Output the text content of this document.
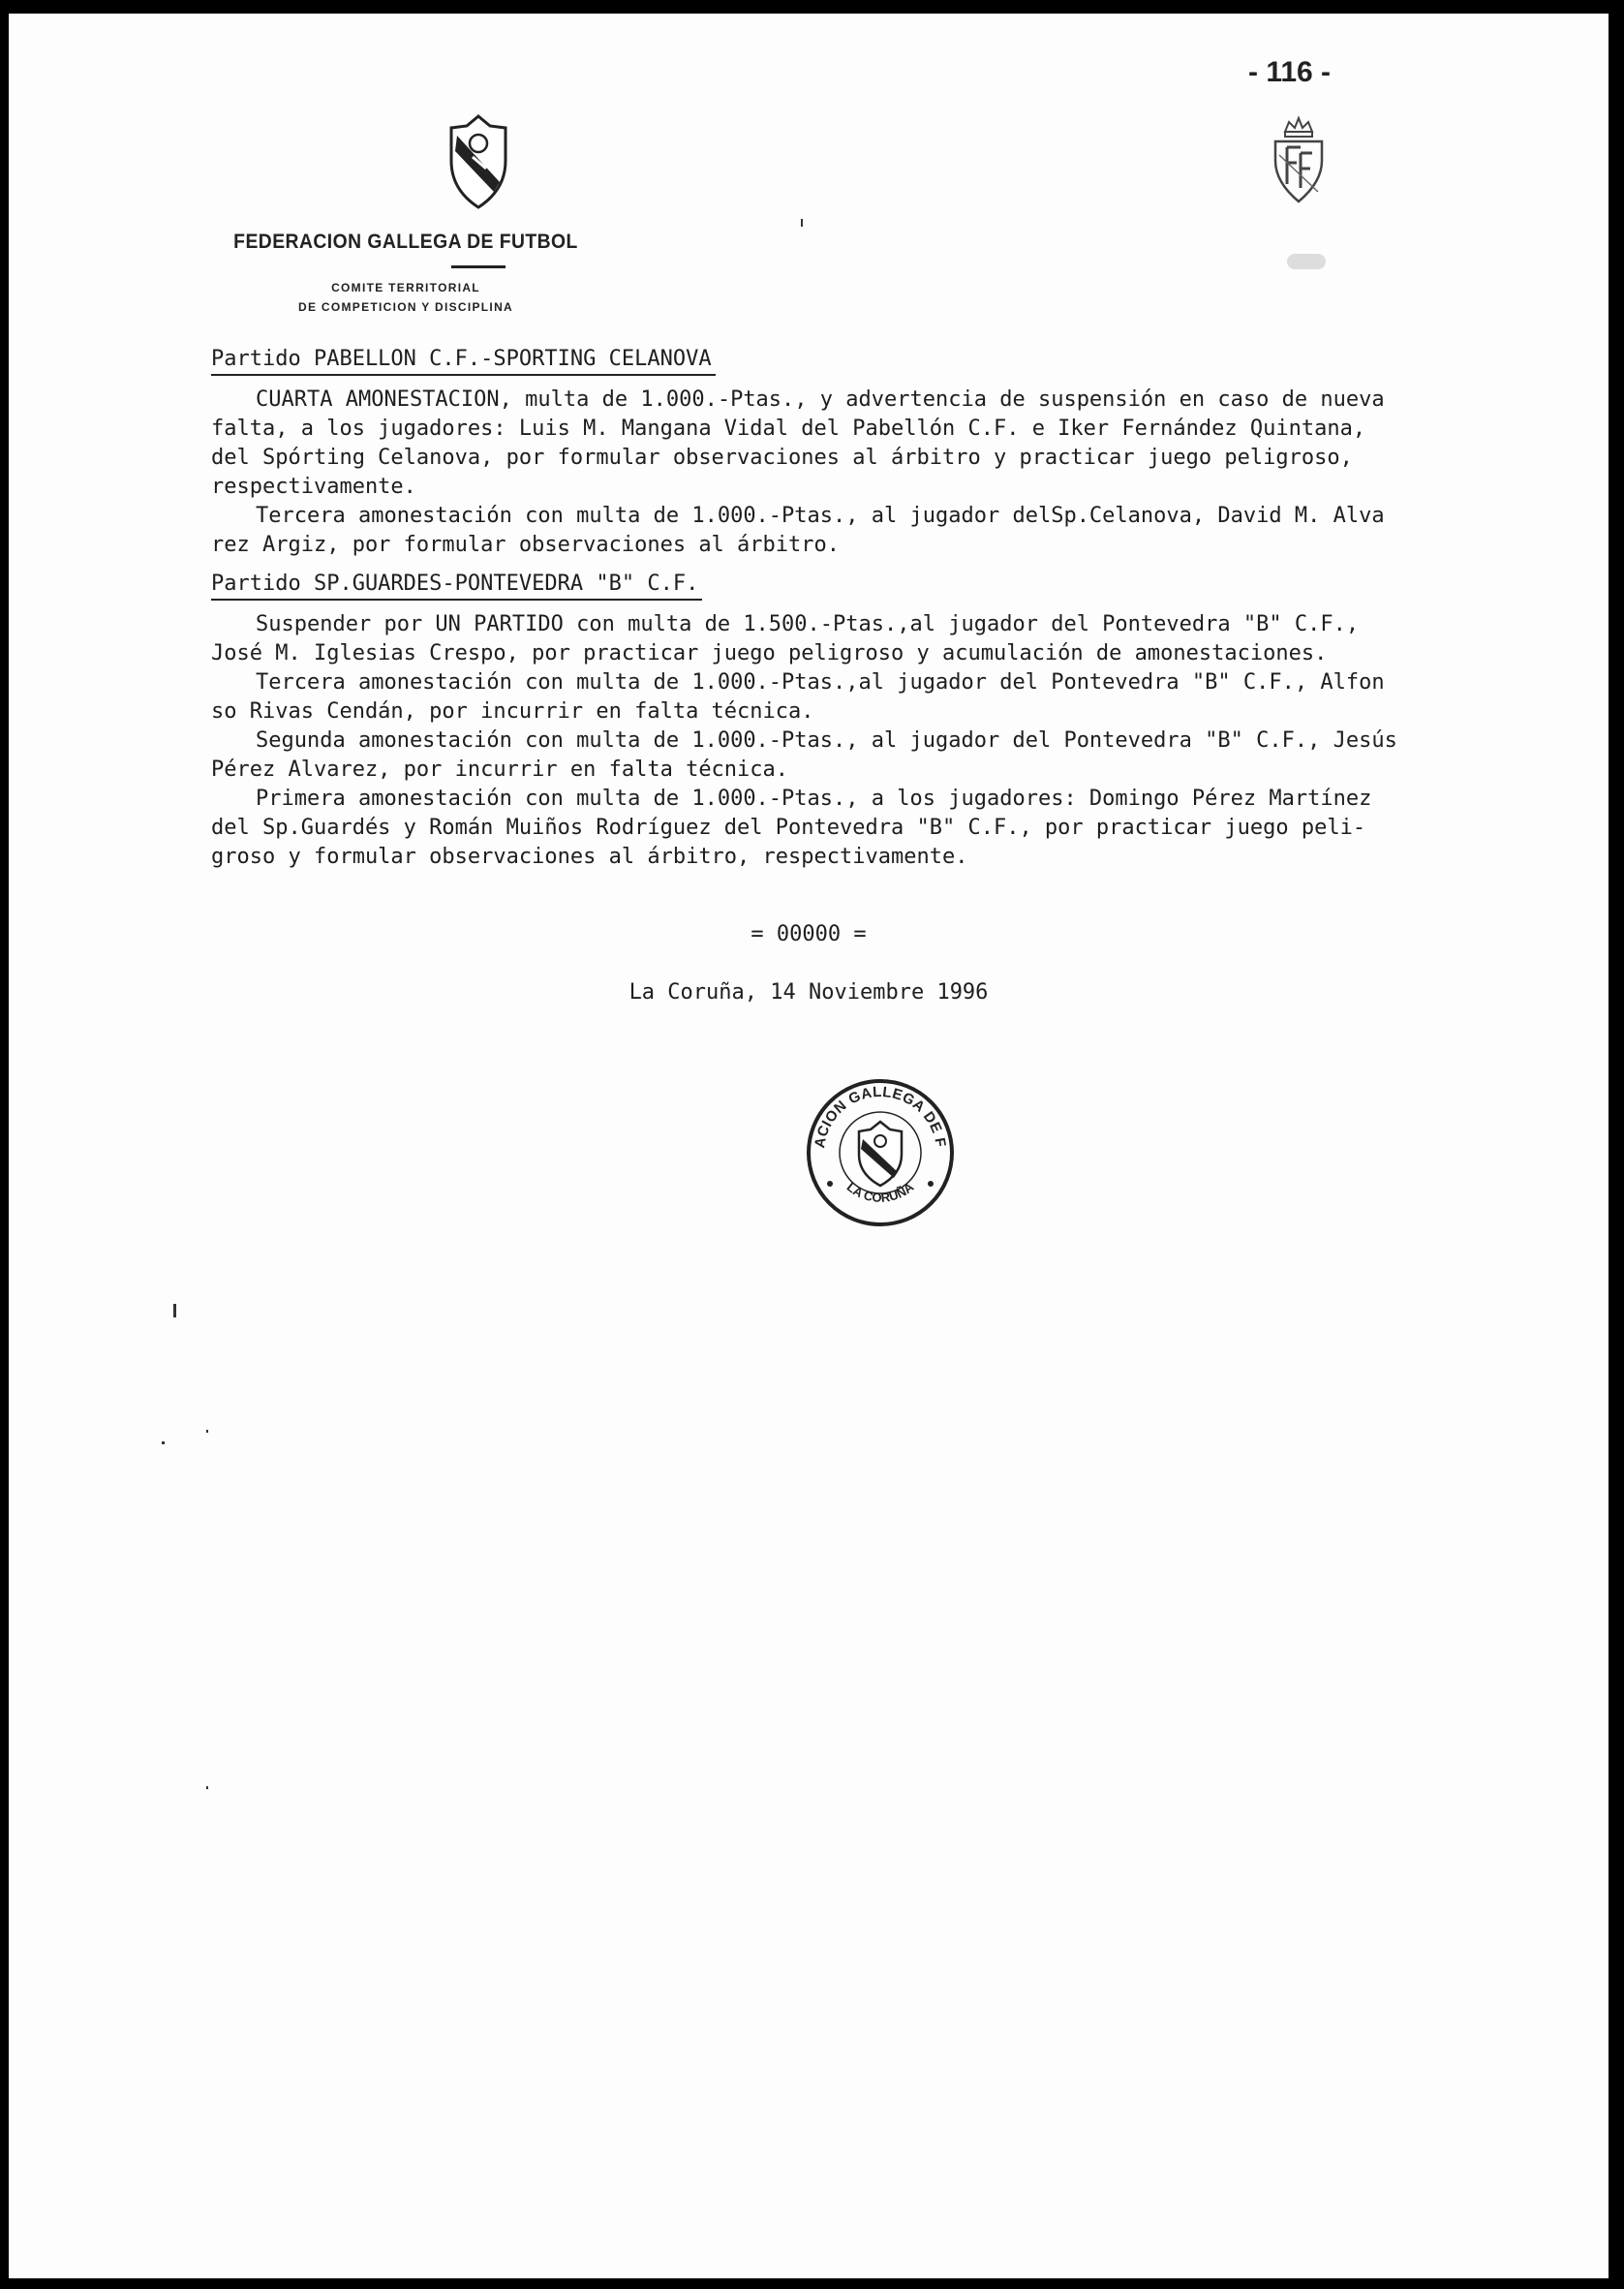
- 116 -
FEDERACION GALLEGA DE FUTBOL
COMITE TERRITORIAL
DE COMPETICION Y DISCIPLINA
Partido PABELLON C.F.-SPORTING CELANOVA
CUARTA AMONESTACION, multa de 1.000.-Ptas., y advertencia de suspensión en caso de nueva
falta, a los jugadores: Luis M. Mangana Vidal del Pabellón C.F. e Iker Fernández Quintana,
del Spórting Celanova, por formular observaciones al árbitro y practicar juego peligroso,
respectivamente.
Tercera amonestación con multa de 1.000.-Ptas., al jugador delSp.Celanova, David M. Alva
rez Argiz, por formular observaciones al árbitro.
Partido SP.GUARDES-PONTEVEDRA "B" C.F.
Suspender por UN PARTIDO con multa de 1.500.-Ptas.,al jugador del Pontevedra "B" C.F.,
José M. Iglesias Crespo, por practicar juego peligroso y acumulación de amonestaciones.
Tercera amonestación con multa de 1.000.-Ptas.,al jugador del Pontevedra "B" C.F., Alfon
so Rivas Cendán, por incurrir en falta técnica.
Segunda amonestación con multa de 1.000.-Ptas., al jugador del Pontevedra "B" C.F., Jesús
Pérez Alvarez, por incurrir en falta técnica.
Primera amonestación con multa de 1.000.-Ptas., a los jugadores: Domingo Pérez Martínez
del Sp.Guardés y Román Muiños Rodríguez del Pontevedra "B" C.F., por practicar juego peli-
groso y formular observaciones al árbitro, respectivamente.
= 00000 =
La Coruña, 14 Noviembre 1996
ACION GALLEGA DE F
LA CORUÑA
